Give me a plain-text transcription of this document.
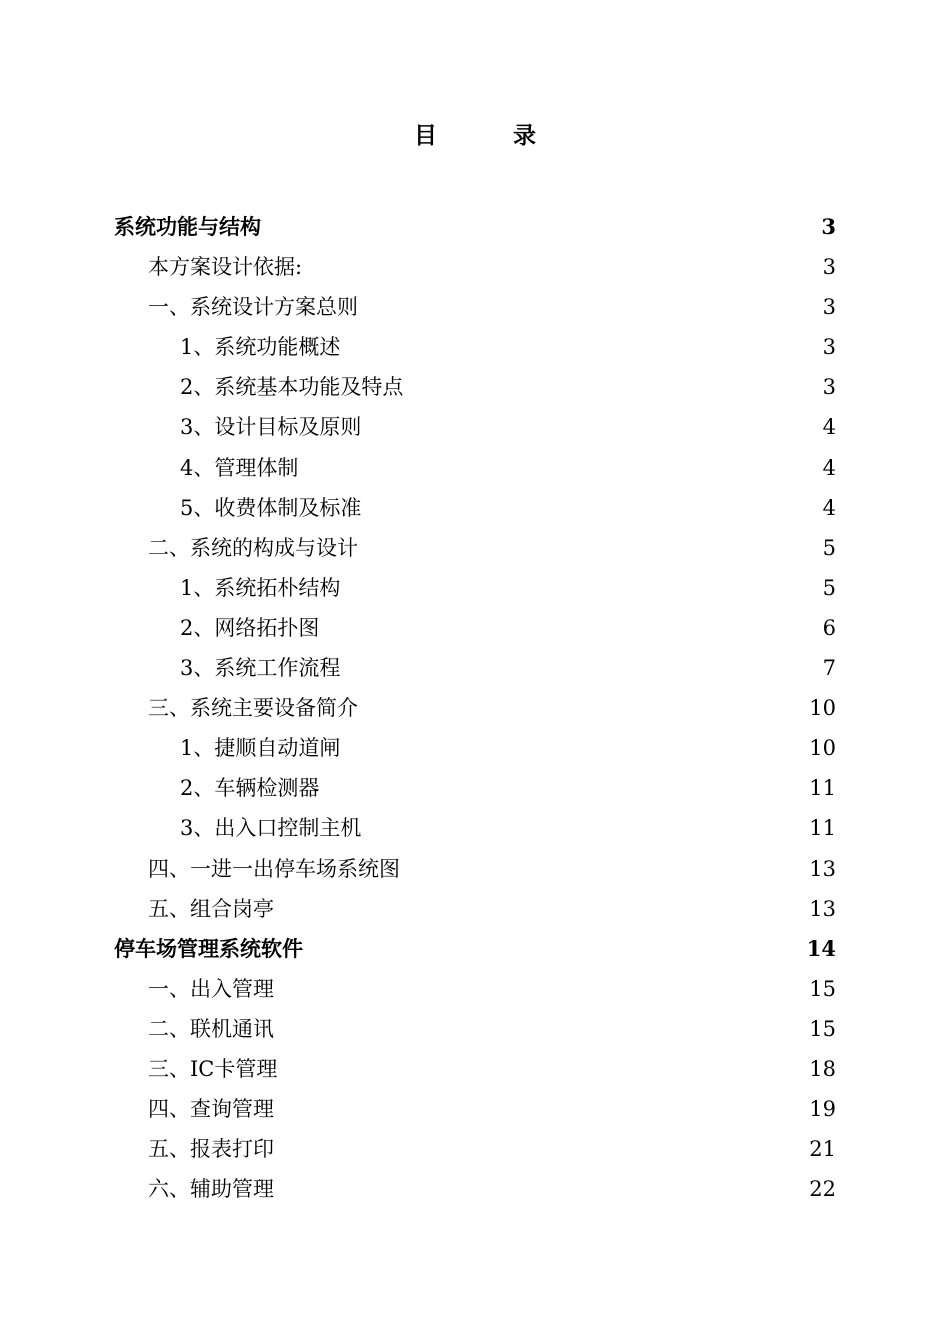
目 录
系统功能与结构	3
本方案设计依据:	3
一、系统设计方案总则	3
1、系统功能概述	3
2、系统基本功能及特点	3
3、设计目标及原则	4
4、管理体制	4
5、收费体制及标准	4
二、系统的构成与设计	5
1、系统拓朴结构	5
2、网络拓扑图	6
3、系统工作流程	7
三、系统主要设备简介	10
1、捷顺自动道闸	10
2、车辆检测器	11
3、出入口控制主机	11
四、一进一出停车场系统图	13
五、组合岗亭	13
停车场管理系统软件	14
一、出入管理	15
二、联机通讯	15
三、IC卡管理	18
四、查询管理	19
五、报表打印	21
六、辅助管理	22
